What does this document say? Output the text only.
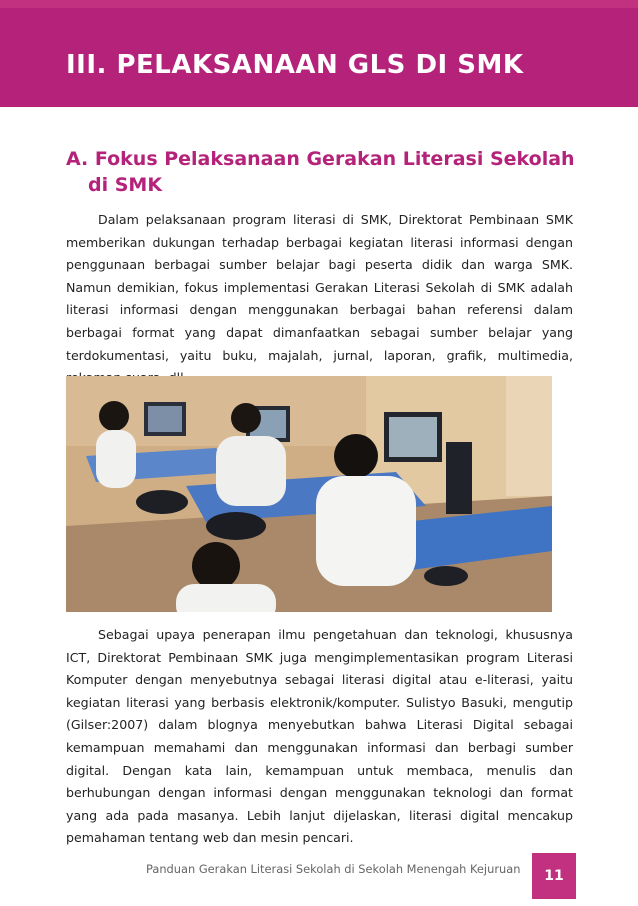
III. PELAKSANAAN GLS DI SMK
A. Fokus Pelaksanaan Gerakan Literasi Sekolah
di SMK

Dalam pelaksanaan program literasi di SMK, Direktorat Pembinaan SMK memberikan dukungan terhadap berbagai kegiatan literasi informasi dengan penggunaan berbagai sumber belajar bagi peserta didik dan warga SMK. Namun demikian, fokus implementasi Gerakan Literasi Sekolah di SMK adalah literasi informasi dengan menggunakan berbagai bahan referensi dalam berbagai format yang dapat dimanfaatkan sebagai sumber belajar yang terdokumentasi, yaitu buku, majalah, jurnal, laporan, grafik, multimedia,

Sebagai upaya penerapan ilmu pengetahuan dan teknologi, khususnya ICT, Direktorat Pembinaan SMK juga mengimplementasikan program Literasi Komputer dengan menyebutnya sebagai literasi digital atau e-literasi, yaitu kegiatan literasi yang berbasis elektronik/komputer. Sulistyo Basuki, mengutip (Gilser:2007) dalam blognya menyebutkan bahwa Literasi Digital sebagai kemampuan memahami dan menggunakan informasi dan berbagi sumber digital. Dengan kata lain, kemampuan untuk membaca, menulis dan berhubungan dengan informasi dengan menggunakan teknologi dan format yang ada pada masanya. Lebih lanjut dijelaskan, literasi digital mencakup pemahaman tentang web dan mesin pencari.

Panduan Gerakan Literasi Sekolah di Sekolah Menengah Kejuruan 11
